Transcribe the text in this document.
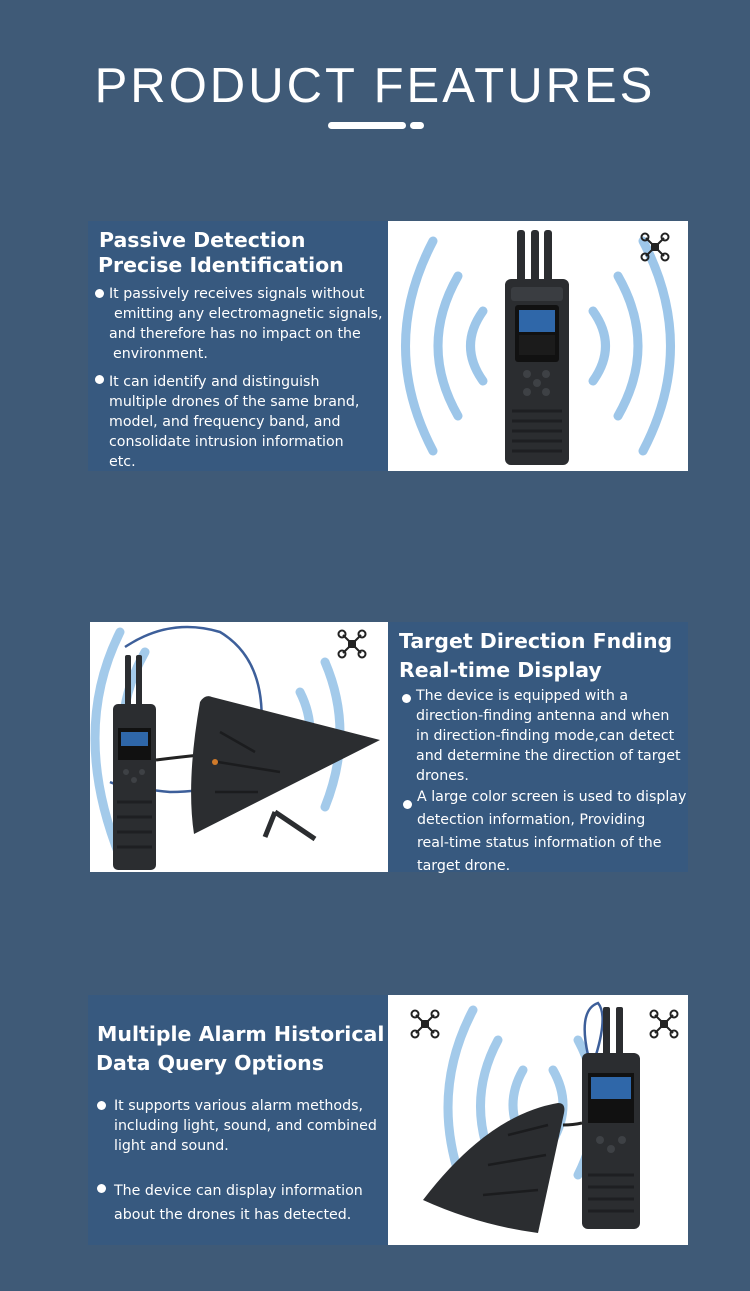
PRODUCT FEATURES
Passive Detection
Precise Identification
It passively receives signals without
emitting any electromagnetic signals,
and therefore has no impact on the
environment.
It can identify and distinguish
multiple drones of the same brand,
model, and frequency band, and
consolidate intrusion information
etc.
Target Direction Fnding
Real-time Display
The device is equipped with a
direction-finding antenna and when
in direction-finding mode,can detect
and determine the direction of target
drones.
A large color screen is used to display
detection information, Providing
real-time status information of the
target drone.
Multiple Alarm Historical
Data Query Options
It supports various alarm methods,
including light, sound, and combined
light and sound.
The device can display information
about the drones it has detected.
